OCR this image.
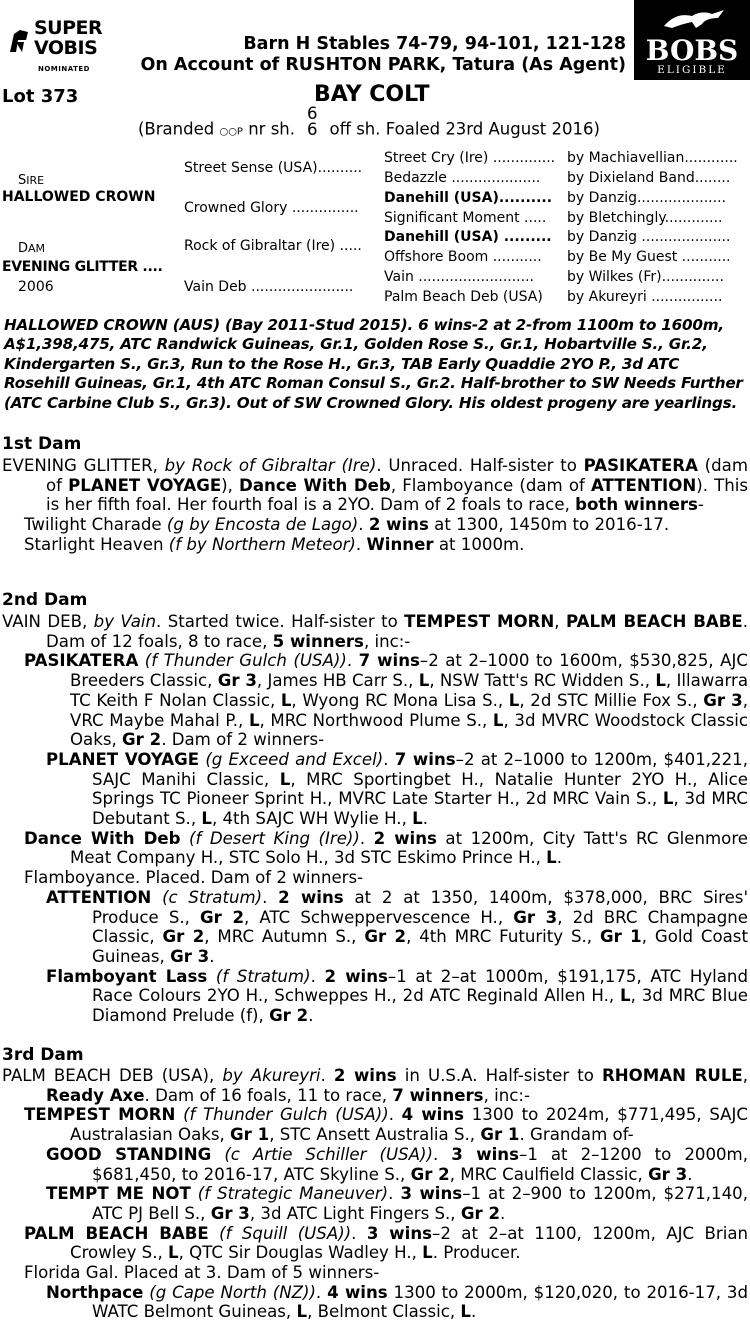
SUPER
VOBIS
NOMINATED
Barn H Stables 74-79, 94-101, 121-128
On Account of RUSHTON PARK, Tatura (As Agent) BOBS
ELIGIBLE
Lot 373	BAY COLT
(Branded ○○P nr sh.
6
6 off sh. Foaled 23rd August 2016)
SIRE
HALLOWED CROWN
DAM
EVENING GLITTER ....
2006
Street Sense (USA)..........
Crowned Glory ...............
Rock of Gibraltar (Ire) .....
Vain Deb .......................
Street Cry (Ire) .............. by Machiavellian............
Bedazzle .................... by Dixieland Band........
Danehill (USA).......... by Danzig....................
Significant Moment ..... by Bletchingly.............
Danehill (USA) ......... by Danzig ....................
Offshore Boom ........... by Be My Guest ...........
Vain .......................... by Wilkes (Fr)..............
Palm Beach Deb (USA) by Akureyri ................
HALLOWED CROWN (AUS) (Bay 2011-Stud 2015). 6 wins-2 at 2-from 1100m to 1600m, A$1,398,475, ATC Randwick Guineas, Gr.1, Golden Rose S., Gr.1, Hobartville S., Gr.2, Kindergarten S., Gr.3, Run to the Rose H., Gr.3, TAB Early Quaddie 2YO P., 3d ATC Rosehill Guineas, Gr.1, 4th ATC Roman Consul S., Gr.2. Half-brother to SW Needs Further (ATC Carbine Club S., Gr.3). Out of SW Crowned Glory. His oldest progeny are yearlings.
1st Dam

EVENING GLITTER, by Rock of Gibraltar (Ire). Unraced. Half-sister to PASIKATERA (dam of PLANET VOYAGE), Dance With Deb, Flamboyance (dam of ATTENTION). This is her fifth foal. Her fourth foal is a 2YO. Dam of 2 foals to race, both winners-

Twilight Charade (g by Encosta de Lago). 2 wins at 1300, 1450m to 2016-17.

Starlight Heaven (f by Northern Meteor). Winner at 1000m.

2nd Dam

VAIN DEB, by Vain. Started twice. Half-sister to TEMPEST MORN, PALM BEACH BABE. Dam of 12 foals, 8 to race, 5 winners, inc:-

PASIKATERA (f Thunder Gulch (USA)). 7 wins–2 at 2–1000 to 1600m, $530,825, AJC Breeders Classic, Gr 3, James HB Carr S., L, NSW Tatt's RC Widden S., L, Illawarra TC Keith F Nolan Classic, L, Wyong RC Mona Lisa S., L, 2d STC Millie Fox S., Gr 3, VRC Maybe Mahal P., L, MRC Northwood Plume S., L, 3d MVRC Woodstock Classic Oaks, Gr 2. Dam of 2 winners-

PLANET VOYAGE (g Exceed and Excel). 7 wins–2 at 2–1000 to 1200m, $401,221, SAJC Manihi Classic, L, MRC Sportingbet H., Natalie Hunter 2YO H., Alice Springs TC Pioneer Sprint H., MVRC Late Starter H., 2d MRC Vain S., L, 3d MRC Debutant S., L, 4th SAJC WH Wylie H., L.

Dance With Deb (f Desert King (Ire)). 2 wins at 1200m, City Tatt's RC Glenmore Meat Company H., STC Solo H., 3d STC Eskimo Prince H., L.

Flamboyance. Placed. Dam of 2 winners-

ATTENTION (c Stratum). 2 wins at 2 at 1350, 1400m, $378,000, BRC Sires' Produce S., Gr 2, ATC Schweppervescence H., Gr 3, 2d BRC Champagne Classic, Gr 2, MRC Autumn S., Gr 2, 4th MRC Futurity S., Gr 1, Gold Coast Guineas, Gr 3.

Flamboyant Lass (f Stratum). 2 wins–1 at 2–at 1000m, $191,175, ATC Hyland Race Colours 2YO H., Schweppes H., 2d ATC Reginald Allen H., L, 3d MRC Blue Diamond Prelude (f), Gr 2.

3rd Dam

PALM BEACH DEB (USA), by Akureyri. 2 wins in U.S.A. Half-sister to RHOMAN RULE, Ready Axe. Dam of 16 foals, 11 to race, 7 winners, inc:-

TEMPEST MORN (f Thunder Gulch (USA)). 4 wins 1300 to 2024m, $771,495, SAJC Australasian Oaks, Gr 1, STC Ansett Australia S., Gr 1. Grandam of-

GOOD STANDING (c Artie Schiller (USA)). 3 wins–1 at 2–1200 to 2000m, $681,450, to 2016-17, ATC Skyline S., Gr 2, MRC Caulfield Classic, Gr 3.

TEMPT ME NOT (f Strategic Maneuver). 3 wins–1 at 2–900 to 1200m, $271,140, ATC PJ Bell S., Gr 3, 3d ATC Light Fingers S., Gr 2.

PALM BEACH BABE (f Squill (USA)). 3 wins–2 at 2–at 1100, 1200m, AJC Brian Crowley S., L, QTC Sir Douglas Wadley H., L. Producer.

Florida Gal. Placed at 3. Dam of 5 winners-

Northpace (g Cape North (NZ)). 4 wins 1300 to 2000m, $120,020, to 2016-17, 3d WATC Belmont Guineas, L, Belmont Classic, L.
